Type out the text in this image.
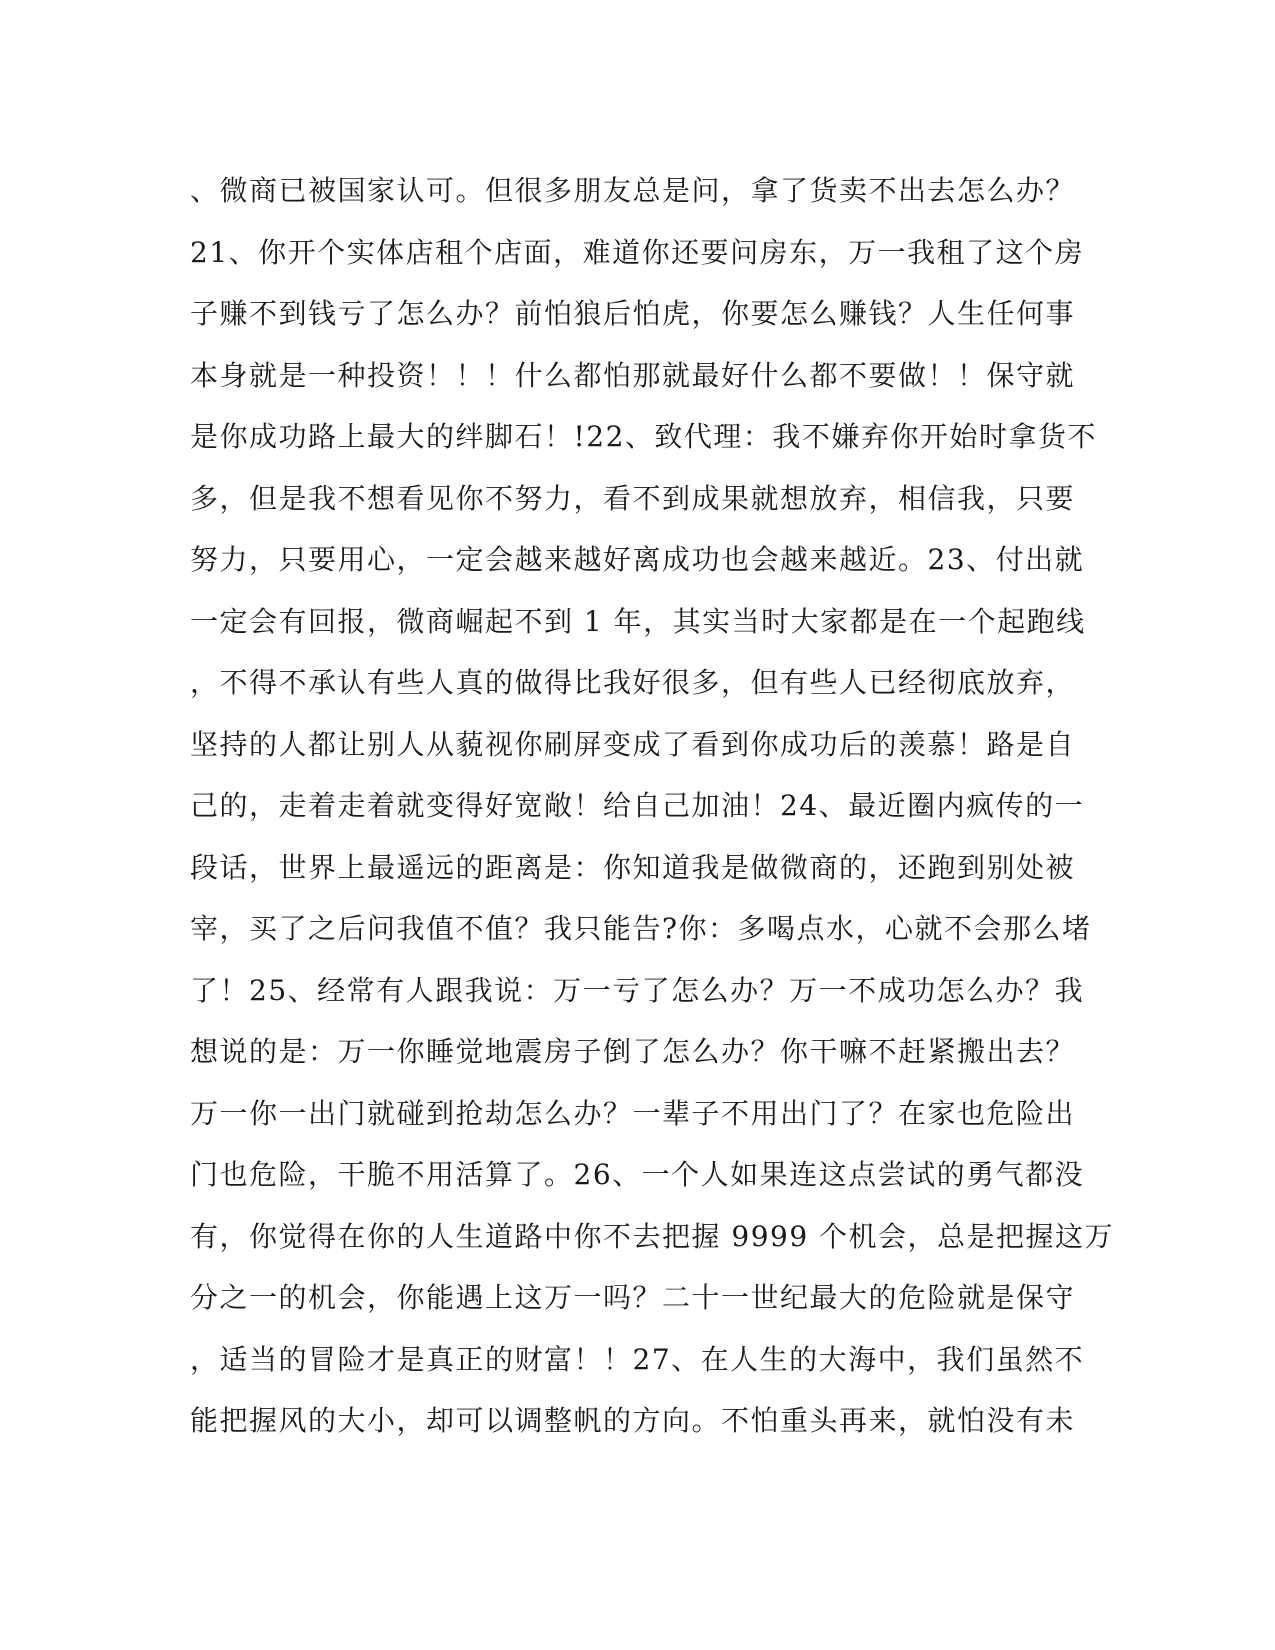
、微商已被国家认可。但很多朋友总是问，拿了货卖不出去怎么办？
21、你开个实体店租个店面，难道你还要问房东，万一我租了这个房
子赚不到钱亏了怎么办？前怕狼后怕虎，你要怎么赚钱？人生任何事
本身就是一种投资！！！什么都怕那就最好什么都不要做！！保守就
是你成功路上最大的绊脚石！!22、致代理：我不嫌弃你开始时拿货不
多，但是我不想看见你不努力，看不到成果就想放弃，相信我，只要
努力，只要用心，一定会越来越好离成功也会越来越近。23、付出就
一定会有回报，微商崛起不到 1 年，其实当时大家都是在一个起跑线
，不得不承认有些人真的做得比我好很多，但有些人已经彻底放弃，
坚持的人都让别人从藐视你刷屏变成了看到你成功后的羡慕！路是自
己的，走着走着就变得好宽敞！给自己加油！24、最近圈内疯传的一
段话，世界上最遥远的距离是：你知道我是做微商的，还跑到别处被
宰，买了之后问我值不值？我只能告?你：多喝点水，心就不会那么堵
了！25、经常有人跟我说：万一亏了怎么办？万一不成功怎么办？我
想说的是：万一你睡觉地震房子倒了怎么办？你干嘛不赶紧搬出去？
万一你一出门就碰到抢劫怎么办？一辈子不用出门了？在家也危险出
门也危险，干脆不用活算了。26、一个人如果连这点尝试的勇气都没
有，你觉得在你的人生道路中你不去把握 9999 个机会，总是把握这万
分之一的机会，你能遇上这万一吗？二十一世纪最大的危险就是保守
，适当的冒险才是真正的财富！！27、在人生的大海中，我们虽然不
能把握风的大小，却可以调整帆的方向。不怕重头再来，就怕没有未
